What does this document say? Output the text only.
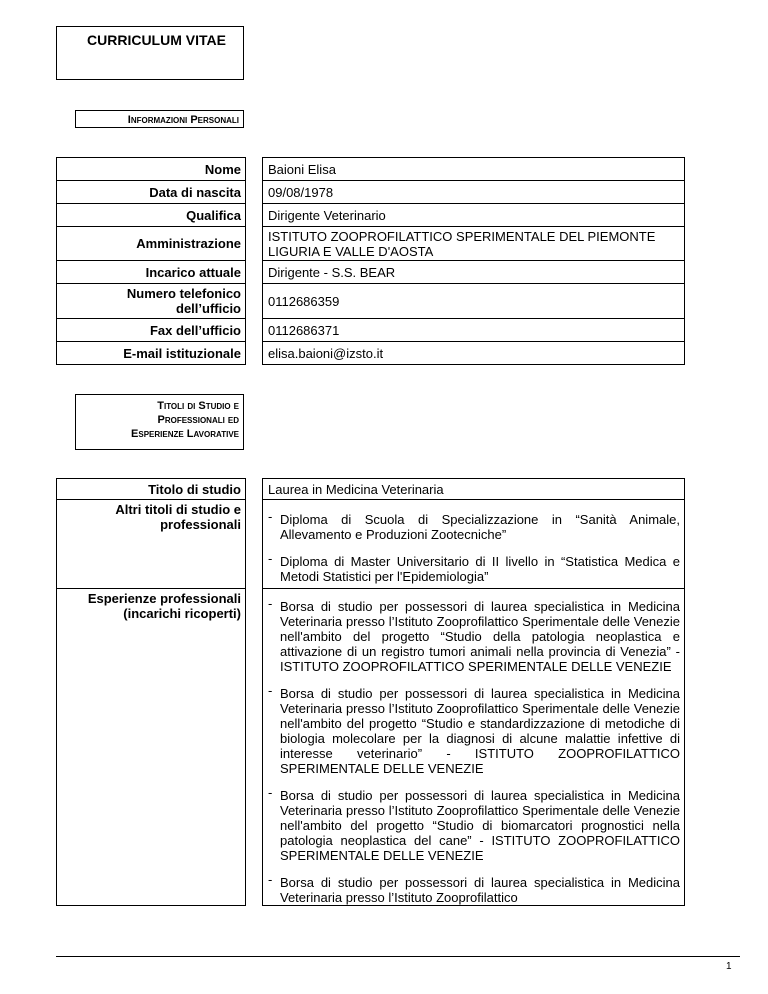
CURRICULUM VITAE
Informazioni Personali
Nome		Baioni Elisa
Data di nascita		09/08/1978
Qualifica		Dirigente Veterinario
Amministrazione		ISTITUTO ZOOPROFILATTICO SPERIMENTALE DEL PIEMONTE LIGURIA E VALLE D'AOSTA
Incarico attuale		Dirigente - S.S. BEAR
Numero telefonico dell’ufficio		0112686359
Fax dell’ufficio		0112686371
E-mail istituzionale		elisa.baioni@izsto.it
Titoli di Studio e
Professionali ed
Esperienze Lavorative
Titolo di studio		Laurea in Medicina Veterinaria
Altri titoli di studio e professionali		- Diploma di Scuola di Specializzazione in “Sanità Animale, Allevamento e Produzioni Zootecniche”
- Diploma di Master Universitario di II livello in “Statistica Medica e Metodi Statistici per l'Epidemiologia”

Esperienze professionali (incarichi ricoperti)		- Borsa di studio per possessori di laurea specialistica in Medicina Veterinaria presso l’Istituto Zooprofilattico Sperimentale delle Venezie nell'ambito del progetto “Studio della patologia neoplastica e attivazione di un registro tumori animali nella provincia di Venezia” - ISTITUTO ZOOPROFILATTICO SPERIMENTALE DELLE VENEZIE
- Borsa di studio per possessori di laurea specialistica in Medicina Veterinaria presso l’Istituto Zooprofilattico Sperimentale delle Venezie nell'ambito del progetto “Studio e standardizzazione di metodiche di biologia molecolare per la diagnosi di alcune malattie infettive di interesse veterinario” - ISTITUTO ZOOPROFILATTICO SPERIMENTALE DELLE VENEZIE
- Borsa di studio per possessori di laurea specialistica in Medicina Veterinaria presso l’Istituto Zooprofilattico Sperimentale delle Venezie nell'ambito del progetto “Studio di biomarcatori prognostici nella patologia neoplastica del cane” - ISTITUTO ZOOPROFILATTICO SPERIMENTALE DELLE VENEZIE
- Borsa di studio per possessori di laurea specialistica in Medicina Veterinaria presso l’Istituto Zooprofilattico
1
